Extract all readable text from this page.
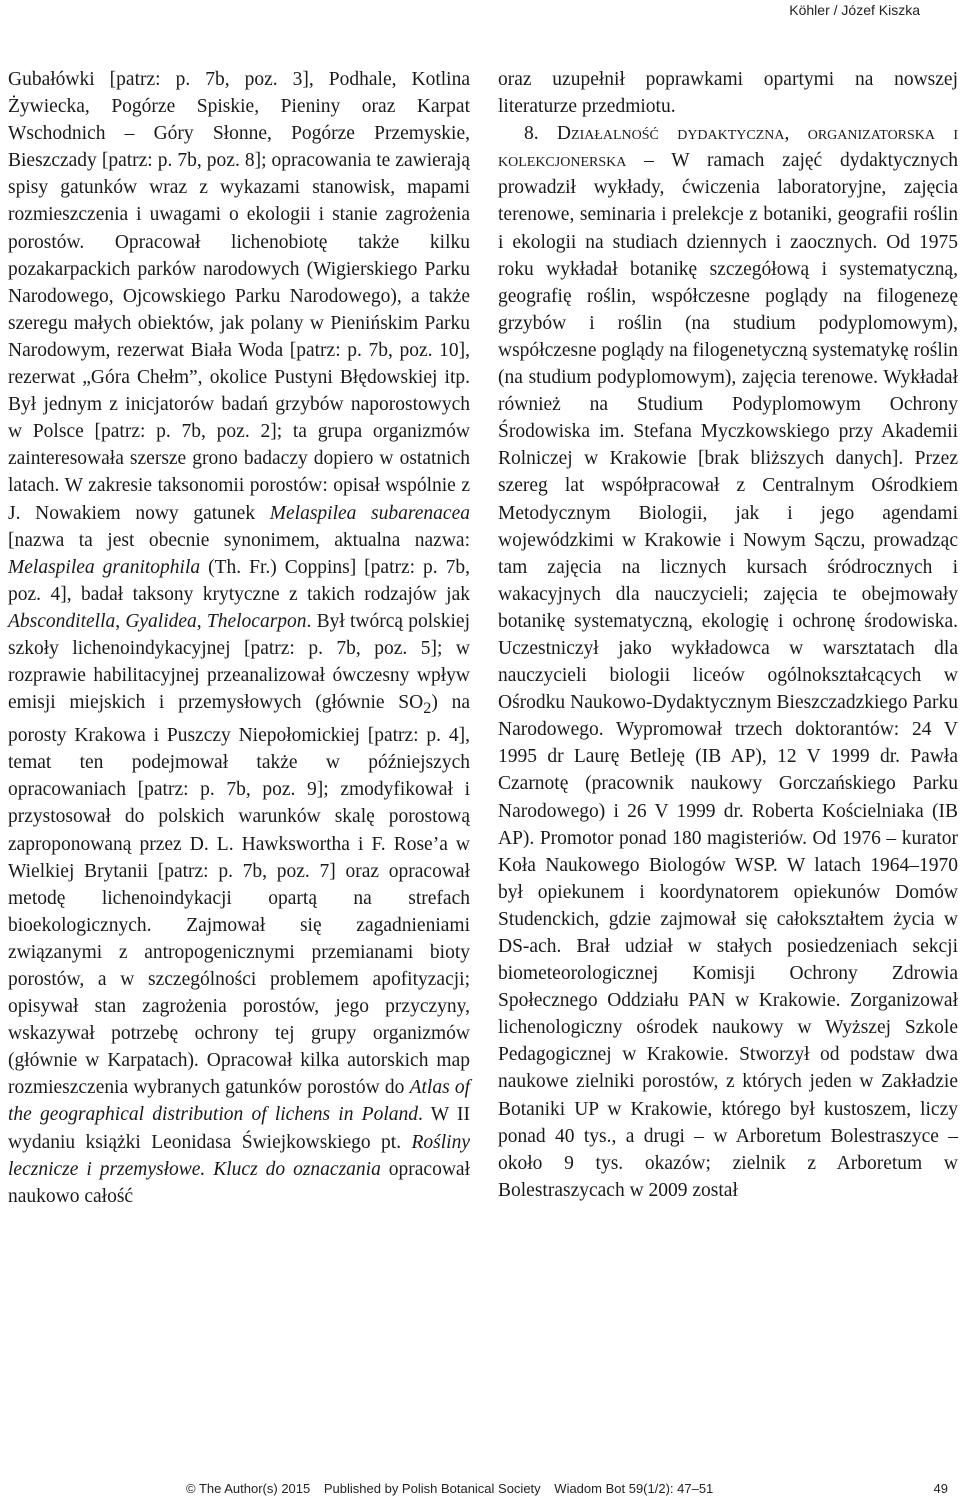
Köhler / Józef Kiszka

Gubałówki [patrz: p. 7b, poz. 3], Podhale, Kotlina Żywiecka, Pogórze Spiskie, Pieniny oraz Karpat Wschodnich – Góry Słonne, Pogórze Przemyskie, Bieszczady [patrz: p. 7b, poz. 8]; opracowania te zawierają spisy gatunków wraz z wykazami stanowisk, mapami rozmieszczenia i uwagami o ekologii i stanie zagrożenia porostów. Opracował lichenobiotę także kilku pozakarpackich parków narodowych (Wigierskiego Parku Narodowego, Ojcowskiego Parku Narodowego), a także szeregu małych obiektów, jak polany w Pienińskim Parku Narodowym, rezerwat Biała Woda [patrz: p. 7b, poz. 10], rezerwat „Góra Chełm”, okolice Pustyni Błędowskiej itp. Był jednym z inicjatorów badań grzybów naporostowych w Polsce [patrz: p. 7b, poz. 2]; ta grupa organizmów zainteresowała szersze grono badaczy dopiero w ostatnich latach. W zakresie taksonomii porostów: opisał wspólnie z J. Nowakiem nowy gatunek Melaspilea subarenacea [nazwa ta jest obecnie synonimem, aktualna nazwa: Melaspilea granitophila (Th. Fr.) Coppins] [patrz: p. 7b, poz. 4], badał taksony krytyczne z takich rodzajów jak Absconditella, Gyalidea, Thelocarpon. Był twórcą polskiej szkoły lichenoindykacyjnej [patrz: p. 7b, poz. 5]; w rozprawie habilitacyjnej przeanalizował ówczesny wpływ emisji miejskich i przemysłowych (głównie $SO_2$) na porosty Krakowa i Puszczy Niepołomickiej [patrz: p. 4], temat ten podejmował także w późniejszych opracowaniach [patrz: p. 7b, poz. 9]; zmodyfikował i przystosował do polskich warunków skalę porostową zaproponowaną przez D. L. Hawksworthа i F. Rose’a w Wielkiej Brytanii [patrz: p. 7b, poz. 7] oraz opracował metodę lichenoindykacji opartą na strefach bioekologicznych. Zajmował się zagadnieniami związanymi z antropogenicznymi przemianami bioty porostów, a w szczególności problemem apofityzacji; opisywał stan zagrożenia porostów, jego przyczyny, wskazywał potrzebę ochrony tej grupy organizmów (głównie w Karpatach). Opracował kilka autorskich map rozmieszczenia wybranych gatunków porostów do Atlas of the geographical distribution of lichens in Poland. W II wydaniu książki Leonidasa Świejkowskiego pt. Rośliny lecznicze i przemysłowe. Klucz do oznaczania opracował naukowo całość

oraz uzupełnił poprawkami opartymi na nowszej literaturze przedmiotu.

8. Działalność dydaktyczna, organizatorska i kolekcjonerska – W ramach zajęć dydaktycznych prowadził wykłady, ćwiczenia laboratoryjne, zajęcia terenowe, seminaria i prelekcje z botaniki, geografii roślin i ekologii na studiach dziennych i zaocznych. Od 1975 roku wykładał botanikę szczegółową i systematyczną, geografię roślin, współczesne poglądy na filogenezę grzybów i roślin (na studium podyplomowym), współczesne poglądy na filogenetyczną systematykę roślin (na studium podyplomowym), zajęcia terenowe. Wykładał również na Studium Podyplomowym Ochrony Środowiska im. Stefana Myczkowskiego przy Akademii Rolniczej w Krakowie [brak bliższych danych]. Przez szereg lat współpracował z Centralnym Ośrodkiem Metodycznym Biologii, jak i jego agendami wojewódzkimi w Krakowie i Nowym Sączu, prowadząc tam zajęcia na licznych kursach śródrocznych i wakacyjnych dla nauczycieli; zajęcia te obejmowały botanikę systematyczną, ekologię i ochronę środowiska. Uczestniczył jako wykładowca w warsztatach dla nauczycieli biologii liceów ogólnokształcących w Ośrodku Naukowo-Dydaktycznym Bieszczadzkiego Parku Narodowego. Wypromował trzech doktorantów: 24 V 1995 dr Laurę Betleję (IB AP), 12 V 1999 dr. Pawła Czarnotę (pracownik naukowy Gorczańskiego Parku Narodowego) i 26 V 1999 dr. Roberta Kościelniaka (IB AP). Promotor ponad 180 magisteriów. Od 1976 – kurator Koła Naukowego Biologów WSP. W latach 1964–1970 był opiekunem i koordynatorem opiekunów Domów Studenckich, gdzie zajmował się całokształtem życia w DS-ach. Brał udział w stałych posiedzeniach sekcji biometeorologicznej Komisji Ochrony Zdrowia Społecznego Oddziału PAN w Krakowie. Zorganizował lichenologiczny ośrodek naukowy w Wyższej Szkole Pedagogicznej w Krakowie. Stworzył od podstaw dwa naukowe zielniki porostów, z których jeden w Zakładzie Botaniki UP w Krakowie, którego był kustoszem, liczy ponad 40 tys., a drugi – w Arboretum Bolestraszyce – około 9 tys. okazów; zielnik z Arboretum w Bolestraszycach w 2009 został

© The Author(s) 2015 Published by Polish Botanical Society Wiadom Bot 59(1/2): 47–51	49
